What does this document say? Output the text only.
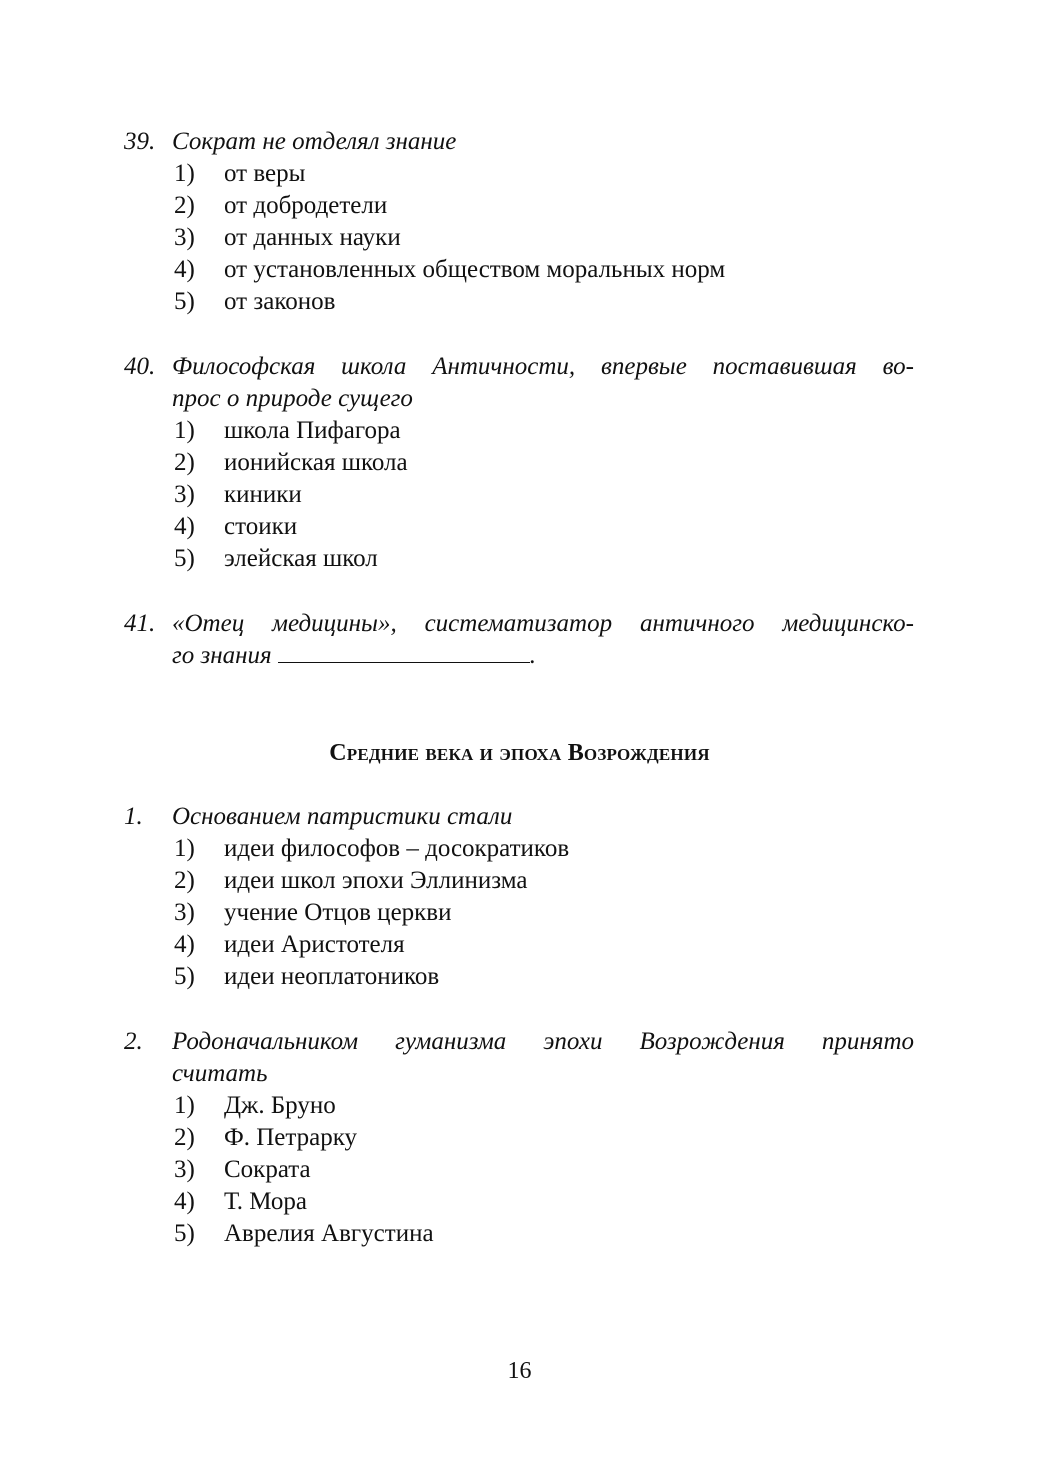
39. Сократ не отделял знание
1)	от веры
2)	от добродетели
3)	от данных науки
4)	от установленных обществом моральных норм
5)	от законов
40. Философская школа Античности, впервые поставившая во-
прос о природе сущего
1)	школа Пифагора
2)	ионийская школа
3)	киники
4)	стоики
5)	элейская школ
41. «Отец медицины», систематизатор античного медицинско-
го знания	.
Средние века и эпоха Возрождения
1.	Основанием патристики стали
1)	идеи философов – досократиков
2)	идеи школ эпохи Эллинизма
3)	учение Отцов церкви
4)	идеи Аристотеля
5)	идеи неоплатоников
2.	Родоначальником гуманизма эпохи Возрождения принято
считать
1)	Дж. Бруно
2)	Ф. Петрарку
3)	Сократа
4)	Т. Мора
5)	Аврелия Августина
16
